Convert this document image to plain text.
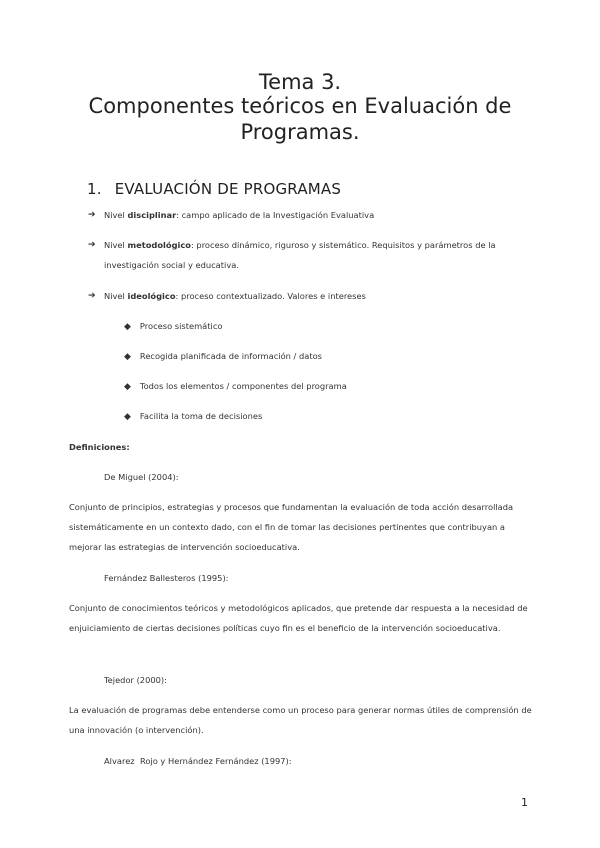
Tema 3.
Componentes teóricos en Evaluación de Programas.
1. EVALUACIÓN DE PROGRAMAS
➔ Nivel disciplinar: campo aplicado de la Investigación Evaluativa
➔ Nivel metodológico: proceso dinámico, riguroso y sistemático. Requisitos y parámetros de la investigación social y educativa.
➔ Nivel ideológico: proceso contextualizado. Valores e intereses
◆ Proceso sistemático
◆ Recogida planificada de información / datos
◆ Todos los elementos / componentes del programa
◆ Facilita la toma de decisiones
Definiciones:
De Miguel (2004):
Conjunto de principios, estrategias y procesos que fundamentan la evaluación de toda acción desarrollada sistemáticamente en un contexto dado, con el fin de tomar las decisiones pertinentes que contribuyan a mejorar las estrategias de intervención socioeducativa.
Fernández Ballesteros (1995):
Conjunto de conocimientos teóricos y metodológicos aplicados, que pretende dar respuesta a la necesidad de enjuiciamiento de ciertas decisiones políticas cuyo fin es el beneficio de la intervención socioeducativa.
Tejedor (2000):
La evaluación de programas debe entenderse como un proceso para generar normas útiles de comprensión de una innovación (o intervención).
Alvarez  Rojo y Hernández Fernández (1997):
1
